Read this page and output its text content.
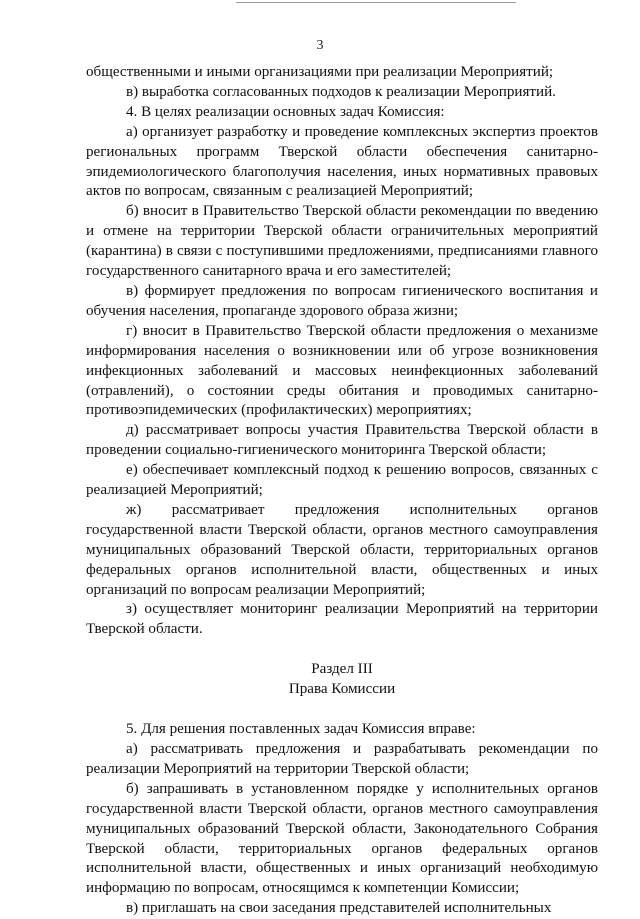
3

общественными и иными организациями при реализации Мероприятий;

в) выработка согласованных подходов к реализации Мероприятий.

4. В целях реализации основных задач Комиссия:

а) организует разработку и проведение комплексных экспертиз проектов региональных программ Тверской области обеспечения санитарно-эпидемиологического благополучия населения, иных нормативных правовых актов по вопросам, связанным с реализацией Мероприятий;

б) вносит в Правительство Тверской области рекомендации по введению и отмене на территории Тверской области ограничительных мероприятий (карантина) в связи с поступившими предложениями, предписаниями главного государственного санитарного врача и его заместителей;

в) формирует предложения по вопросам гигиенического воспитания и обучения населения, пропаганде здорового образа жизни;

г) вносит в Правительство Тверской области предложения о механизме информирования населения о возникновении или об угрозе возникновения инфекционных заболеваний и массовых неинфекционных заболеваний (отравлений), о состоянии среды обитания и проводимых санитарно-противоэпидемических (профилактических) мероприятиях;

д) рассматривает вопросы участия Правительства Тверской области в проведении социально-гигиенического мониторинга Тверской области;

е) обеспечивает комплексный подход к решению вопросов, связанных с реализацией Мероприятий;

ж) рассматривает предложения исполнительных органов государственной власти Тверской области, органов местного самоуправления муниципальных образований Тверской области, территориальных органов федеральных органов исполнительной власти, общественных и иных организаций по вопросам реализации Мероприятий;

з) осуществляет мониторинг реализации Мероприятий на территории Тверской области.

Раздел III

Права Комиссии

5. Для решения поставленных задач Комиссия вправе:

а) рассматривать предложения и разрабатывать рекомендации по реализации Мероприятий на территории Тверской области;

б) запрашивать в установленном порядке у исполнительных органов государственной власти Тверской области, органов местного самоуправления муниципальных образований Тверской области, Законодательного Собрания Тверской области, территориальных органов федеральных органов исполнительной власти, общественных и иных организаций необходимую информацию по вопросам, относящимся к компетенции Комиссии;

в) приглашать на свои заседания представителей исполнительных
